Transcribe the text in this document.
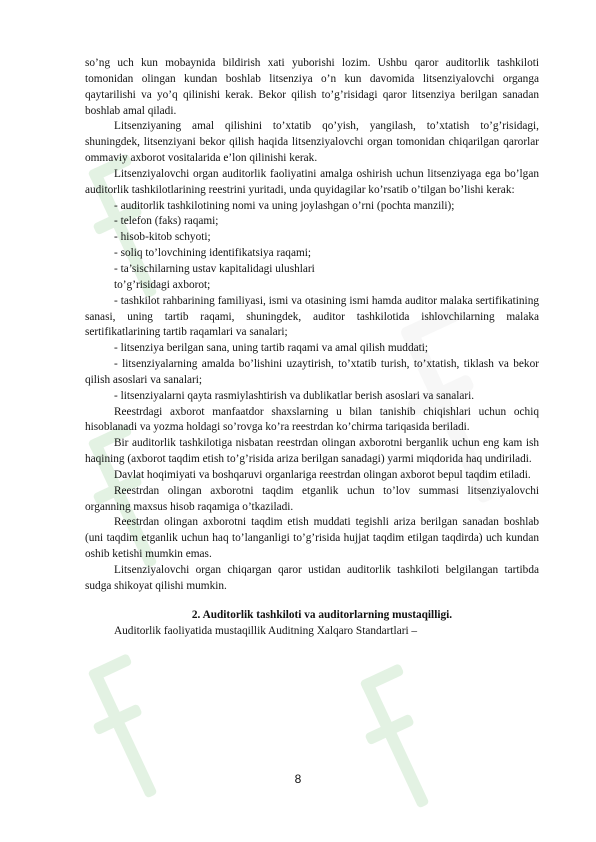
so’ng uch kun mobaynida bildirish xati yuborishi lozim. Ushbu qaror auditorlik tashkiloti tomonidan olingan kundan boshlab litsenziya o’n kun davomida litsenziyalovchi organga qaytarilishi va yo’q qilinishi kerak. Bekor qilish to’g’risidagi qaror litsenziya berilgan sanadan boshlab amal qiladi.

Litsenziyaning amal qilishini to’xtatib qo’yish, yangilash, to’xtatish to’g’risidagi, shuningdek, litsenziyani bekor qilish haqida litsenziyalovchi organ tomonidan chiqarilgan qarorlar ommaviy axborot vositalarida e’lon qilinishi kerak.

Litsenziyalovchi organ auditorlik faoliyatini amalga oshirish uchun litsenziyaga ega bo’lgan auditorlik tashkilotlarining reestrini yuritadi, unda quyidagilar ko’rsatib o’tilgan bo’lishi kerak:

- auditorlik tashkilotining nomi va uning joylashgan o’rni (pochta manzili);

- telefon (faks) raqami;

- hisob-kitob schyoti;

- soliq to’lovchining identifikatsiya raqami;

- ta’sischilarning ustav kapitalidagi ulushlari

to’g’risidagi axborot;

- tashkilot rahbarining familiyasi, ismi va otasining ismi hamda auditor malaka sertifikatining sanasi, uning tartib raqami, shuningdek, auditor tashkilotida ishlovchilarning malaka sertifikatlarining tartib raqamlari va sanalari;

- litsenziya berilgan sana, uning tartib raqami va amal qilish muddati;

- litsenziyalarning amalda bo’lishini uzaytirish, to’xtatib turish, to’xtatish, tiklash va bekor qilish asoslari va sanalari;

- litsenziyalarni qayta rasmiylashtirish va dublikatlar berish asoslari va sanalari.

Reestrdagi axborot manfaatdor shaxslarning u bilan tanishib chiqishlari uchun ochiq hisoblanadi va yozma holdagi so’rovga ko’ra reestrdan ko’chirma tariqasida beriladi.

Bir auditorlik tashkilotiga nisbatan reestrdan olingan axborotni berganlik uchun eng kam ish haqining (axborot taqdim etish to’g’risida ariza berilgan sanadagi) yarmi miqdorida haq undiriladi.

Davlat hoqimiyati va boshqaruvi organlariga reestrdan olingan axborot bepul taqdim etiladi.

Reestrdan olingan axborotni taqdim etganlik uchun to’lov summasi litsenziyalovchi organning maxsus hisob raqamiga o’tkaziladi.

Reestrdan olingan axborotni taqdim etish muddati tegishli ariza berilgan sanadan boshlab (uni taqdim etganlik uchun haq to’langanligi to’g’risida hujjat taqdim etilgan taqdirda) uch kundan oshib ketishi mumkin emas.

Litsenziyalovchi organ chiqargan qaror ustidan auditorlik tashkiloti belgilangan tartibda sudga shikoyat qilishi mumkin.

2. Auditorlik tashkiloti va auditorlarning mustaqilligi.

Auditorlik faoliyatida mustaqillik Auditning Xalqaro Standartlari –

8
